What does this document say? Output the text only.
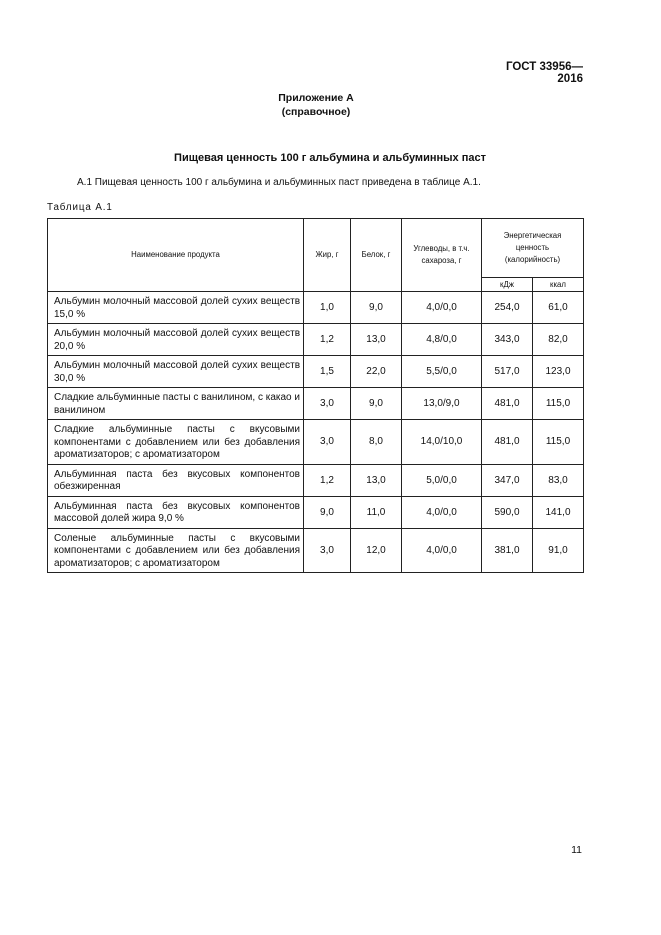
ГОСТ 33956—2016
Приложение А
(справочное)
Пищевая ценность 100 г альбумина и альбуминных паст
А.1 Пищевая ценность 100 г альбумина и альбуминных паст приведена в таблице А.1.
Таблица А.1
Наименование продукта	Жир, г	Белок, г	Углеводы, в т.ч. сахароза, г	Энергетическая ценность (калорийность)	
				кДж	ккал
Альбумин молочный массовой долей сухих веществ 15,0 %	1,0	9,0	4,0/0,0	254,0	61,0
Альбумин молочный массовой долей сухих веществ 20,0 %	1,2	13,0	4,8/0,0	343,0	82,0
Альбумин молочный массовой долей сухих веществ 30,0 %	1,5	22,0	5,5/0,0	517,0	123,0
Сладкие альбуминные пасты с ванилином, с какао и ванилином	3,0	9,0	13,0/9,0	481,0	115,0
Сладкие альбуминные пасты с вкусовыми компонентами с добавлением или без добавления ароматизаторов; с ароматизатором	3,0	8,0	14,0/10,0	481,0	115,0
Альбуминная паста без вкусовых компонентов обезжиренная	1,2	13,0	5,0/0,0	347,0	83,0
Альбуминная паста без вкусовых компонентов массовой долей жира 9,0 %	9,0	11,0	4,0/0,0	590,0	141,0
Соленые альбуминные пасты с вкусовыми компонентами с добавлением или без добавления ароматизаторов; с ароматизатором	3,0	12,0	4,0/0,0	381,0	91,0
11
